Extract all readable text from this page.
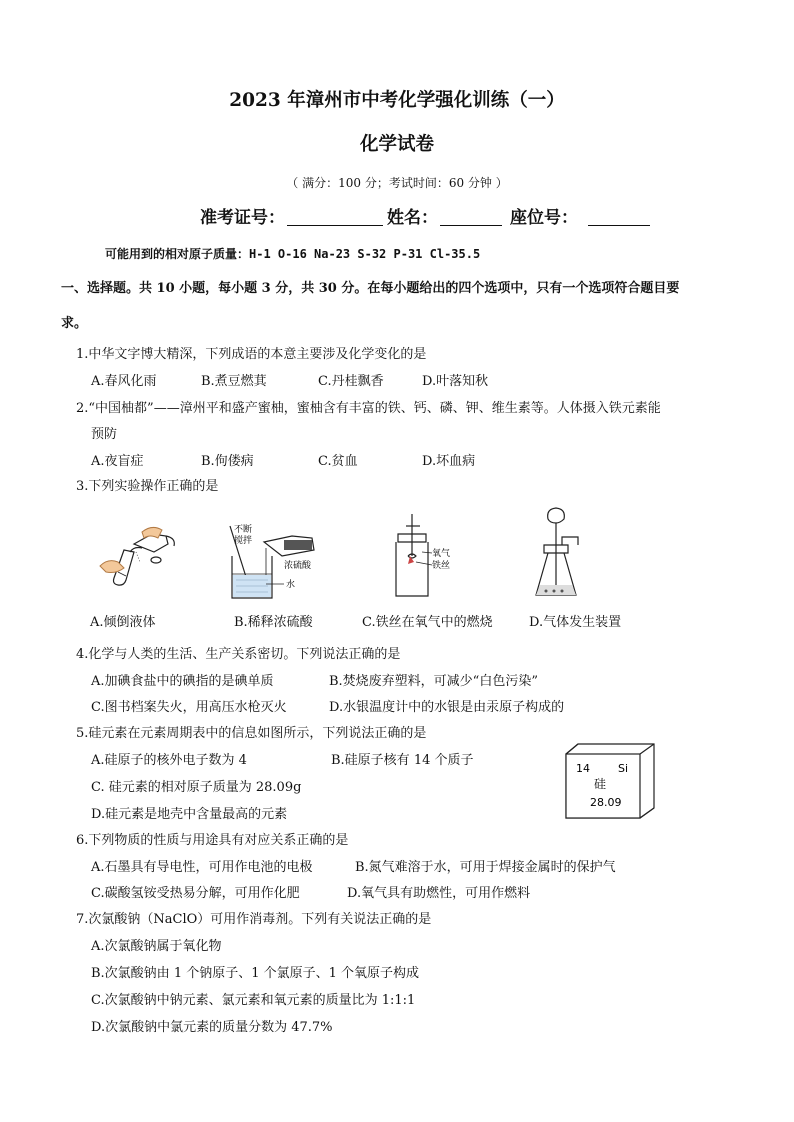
2023 年漳州市中考化学强化训练（一）
化学试卷
（ 满分：100 分；考试时间：60 分钟 ）
准考证号：	姓名：	座位号：
可能用到的相对原子质量：H-1 O-16 Na-23 S-32 P-31 Cl-35.5
一、选择题。共 10 小题，每小题 3 分，共 30 分。在每小题给出的四个选项中，只有一个选项符合题目要
求。
1.中华文字博大精深，下列成语的本意主要涉及化学变化的是
A.春风化雨	B.煮豆燃萁	C.丹桂飘香	D.叶落知秋
2.“中国柚都”——漳州平和盛产蜜柚，蜜柚含有丰富的铁、钙、磷、钾、维生素等。人体摄入铁元素能
预防
A.夜盲症	B.佝偻病	C.贫血	D.坏血病
3.下列实验操作正确的是
不断
搅拌
浓硫酸
水
氧气
铁丝
A.倾倒液体	B.稀释浓硫酸	C.铁丝在氧气中的燃烧	D.气体发生装置
4.化学与人类的生活、生产关系密切。下列说法正确的是
A.加碘食盐中的碘指的是碘单质	B.焚烧废弃塑料，可减少“白色污染”
C.图书档案失火，用高压水枪灭火	D.水银温度计中的水银是由汞原子构成的
5.硅元素在元素周期表中的信息如图所示，下列说法正确的是
A.硅原子的核外电子数为 4	B.硅原子核有 14 个质子
C. 硅元素的相对原子质量为 28.09g
D.硅元素是地壳中含量最高的元素
14	Si
硅
28.09
6.下列物质的性质与用途具有对应关系正确的是
A.石墨具有导电性，可用作电池的电极	B.氮气难溶于水，可用于焊接金属时的保护气
C.碳酸氢铵受热易分解，可用作化肥	D.氧气具有助燃性，可用作燃料
7.次氯酸钠（NaClO）可用作消毒剂。下列有关说法正确的是
A.次氯酸钠属于氧化物
B.次氯酸钠由 1 个钠原子、1 个氯原子、1 个氧原子构成
C.次氯酸钠中钠元素、氯元素和氧元素的质量比为 1:1:1
D.次氯酸钠中氯元素的质量分数为 47.7%
